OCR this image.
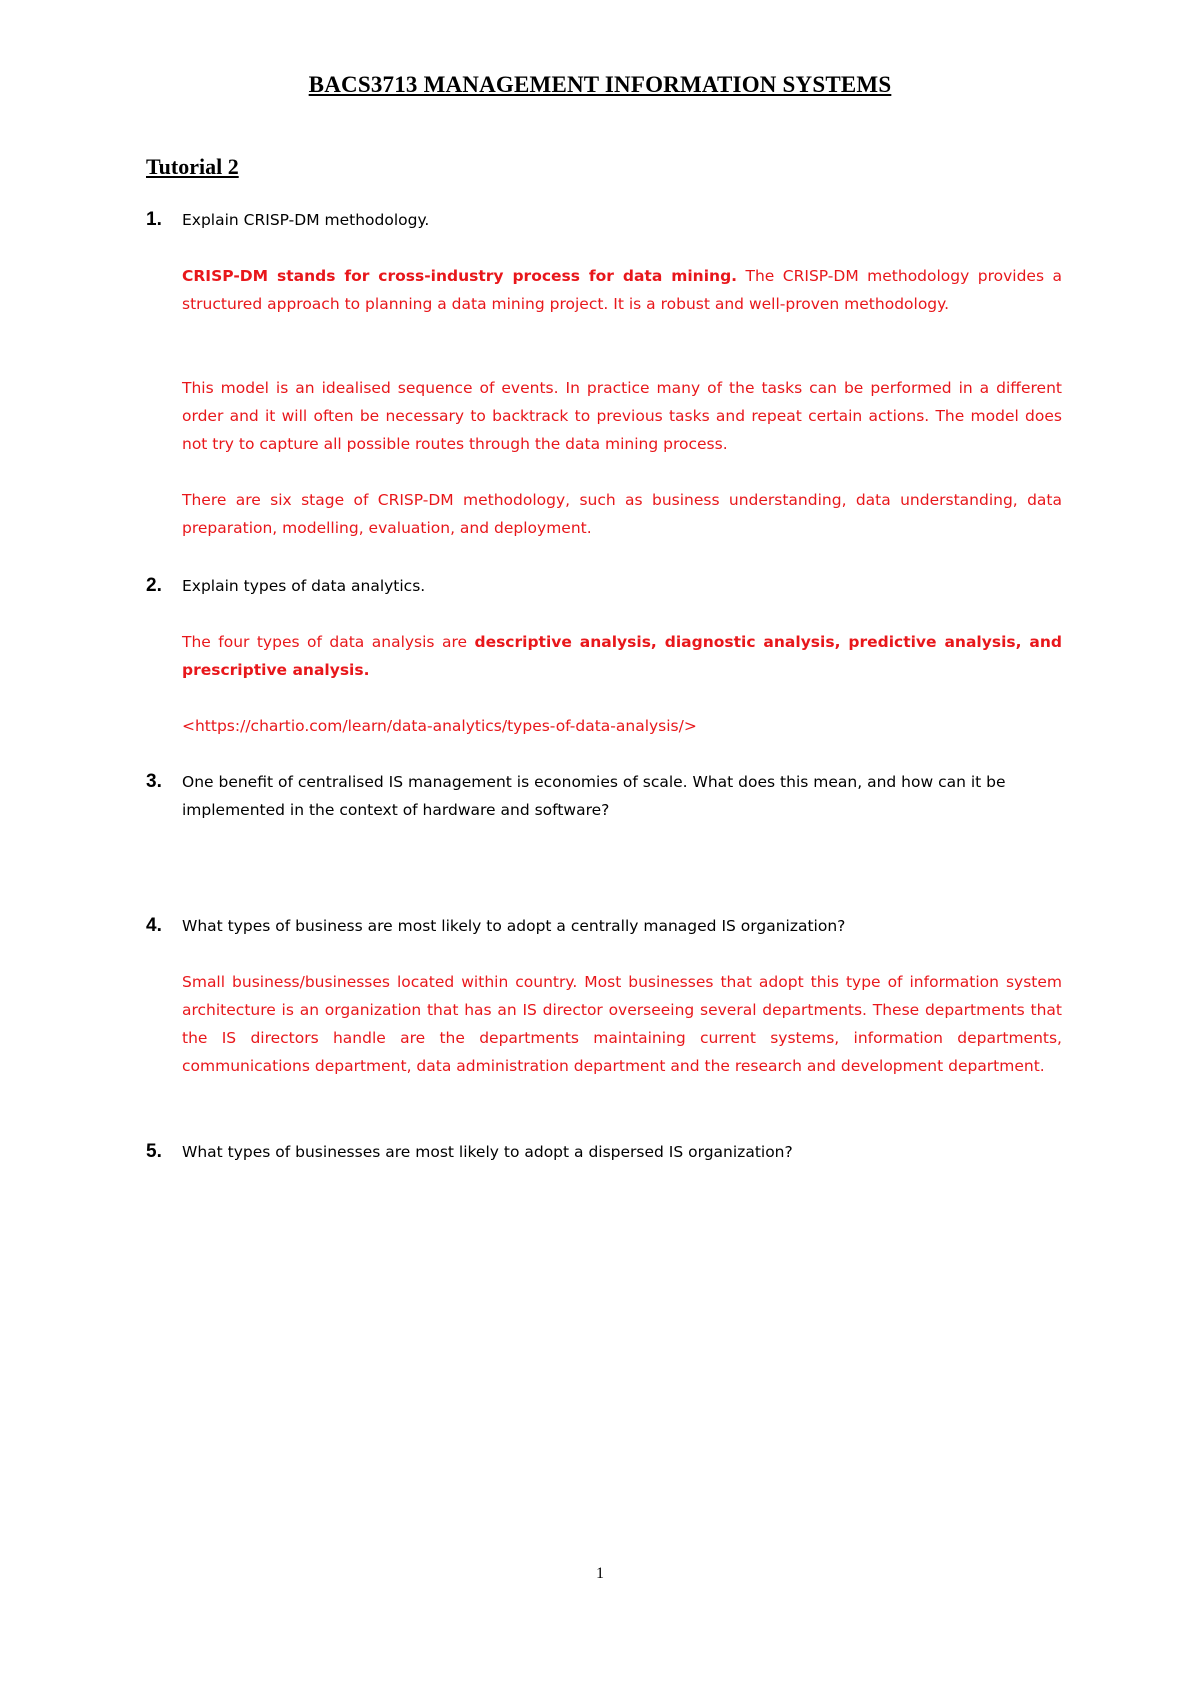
BACS3713 MANAGEMENT INFORMATION SYSTEMS
Tutorial 2
1. Explain CRISP-DM methodology.
CRISP-DM stands for cross-industry process for data mining. The CRISP-DM methodology provides a structured approach to planning a data mining project. It is a robust and well-proven methodology.
This model is an idealised sequence of events. In practice many of the tasks can be performed in a different order and it will often be necessary to backtrack to previous tasks and repeat certain actions. The model does not try to capture all possible routes through the data mining process.
There are six stage of CRISP-DM methodology, such as business understanding, data understanding, data preparation, modelling, evaluation, and deployment.
2. Explain types of data analytics.
The four types of data analysis are descriptive analysis, diagnostic analysis, predictive analysis, and prescriptive analysis.
<https://chartio.com/learn/data-analytics/types-of-data-analysis/>
3. One benefit of centralised IS management is economies of scale. What does this mean, and how can it be implemented in the context of hardware and software?
4. What types of business are most likely to adopt a centrally managed IS organization?
Small business/businesses located within country. Most businesses that adopt this type of information system architecture is an organization that has an IS director overseeing several departments. These departments that the IS directors handle are the departments maintaining current systems, information departments, communications department, data administration department and the research and development department.
5. What types of businesses are most likely to adopt a dispersed IS organization?
1
